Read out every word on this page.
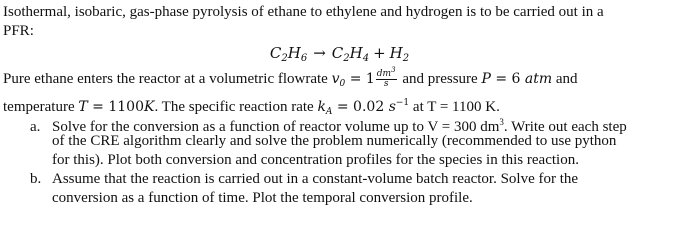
Isothermal, isobaric, gas-phase pyrolysis of ethane to ethylene and hydrogen is to be carried out in a
PFR:
$C_2H_6 \to C_2H_4 + H_2$
Pure ethane enters the reactor at a volumetric flowrate $v_0 = 1 \frac{dm^3}{s}$ and pressure P = 6 atm and
temperature T = 1100K. The specific reaction rate $k_A = 0.02$ $s^{-1}$ at T = 1100 K.
a. Solve for the conversion as a function of reactor volume up to V = 300 $dm^3$. Write out each step
of the CRE algorithm clearly and solve the problem numerically (recommended to use python
for this). Plot both conversion and concentration profiles for the species in this reaction.
b. Assume that the reaction is carried out in a constant-volume batch reactor. Solve for the
conversion as a function of time. Plot the temporal conversion profile.
